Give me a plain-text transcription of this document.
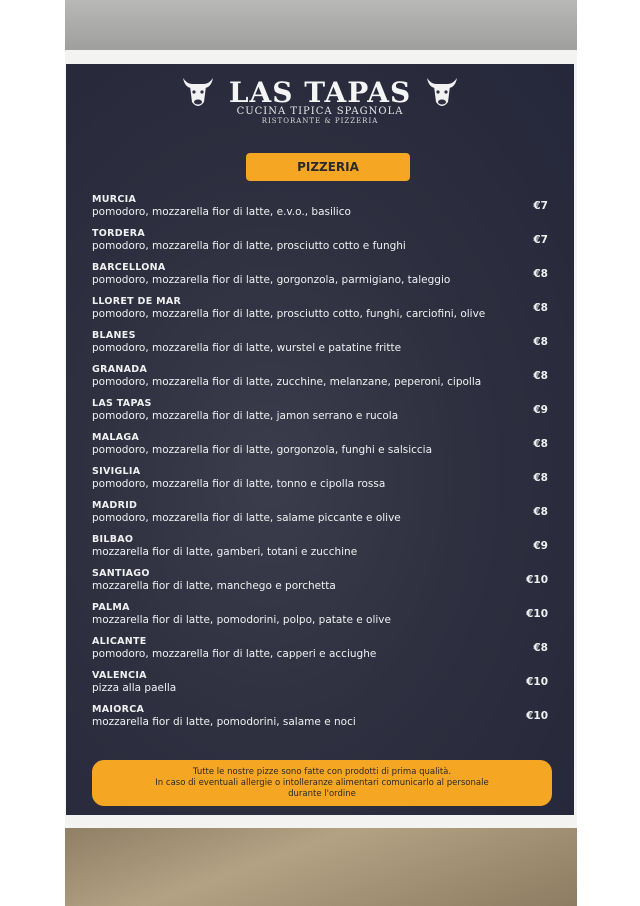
LAS TAPAS
CUCINA TIPICA SPAGNOLA
RISTORANTE & PIZZERIA
PIZZERIA
MURCIA
pomodoro, mozzarella fior di latte, e.v.o., basilico	€7
TORDERA
pomodoro, mozzarella fior di latte, prosciutto cotto e funghi	€7
BARCELLONA
pomodoro, mozzarella fior di latte, gorgonzola, parmigiano, taleggio	€8
LLORET DE MAR
pomodoro, mozzarella fior di latte, prosciutto cotto, funghi, carciofini, olive	€8
BLANES
pomodoro, mozzarella fior di latte, wurstel e patatine fritte	€8
GRANADA
pomodoro, mozzarella fior di latte, zucchine, melanzane, peperoni, cipolla	€8
LAS TAPAS
pomodoro, mozzarella fior di latte, jamon serrano e rucola	€9
MALAGA
pomodoro, mozzarella fior di latte, gorgonzola, funghi e salsiccia	€8
SIVIGLIA
pomodoro, mozzarella fior di latte, tonno e cipolla rossa	€8
MADRID
pomodoro, mozzarella fior di latte, salame piccante e olive	€8
BILBAO
mozzarella fior di latte, gamberi, totani e zucchine	€9
SANTIAGO
mozzarella fior di latte, manchego e porchetta	€10
PALMA
mozzarella fior di latte, pomodorini, polpo, patate e olive	€10
ALICANTE
pomodoro, mozzarella fior di latte, capperi e acciughe	€8
VALENCIA
pizza alla paella	€10
MAIORCA
mozzarella fior di latte, pomodorini, salame e noci	€10
Tutte le nostre pizze sono fatte con prodotti di prima qualità.
In caso di eventuali allergie o intolleranze alimentari comunicarlo al personale
durante l'ordine
